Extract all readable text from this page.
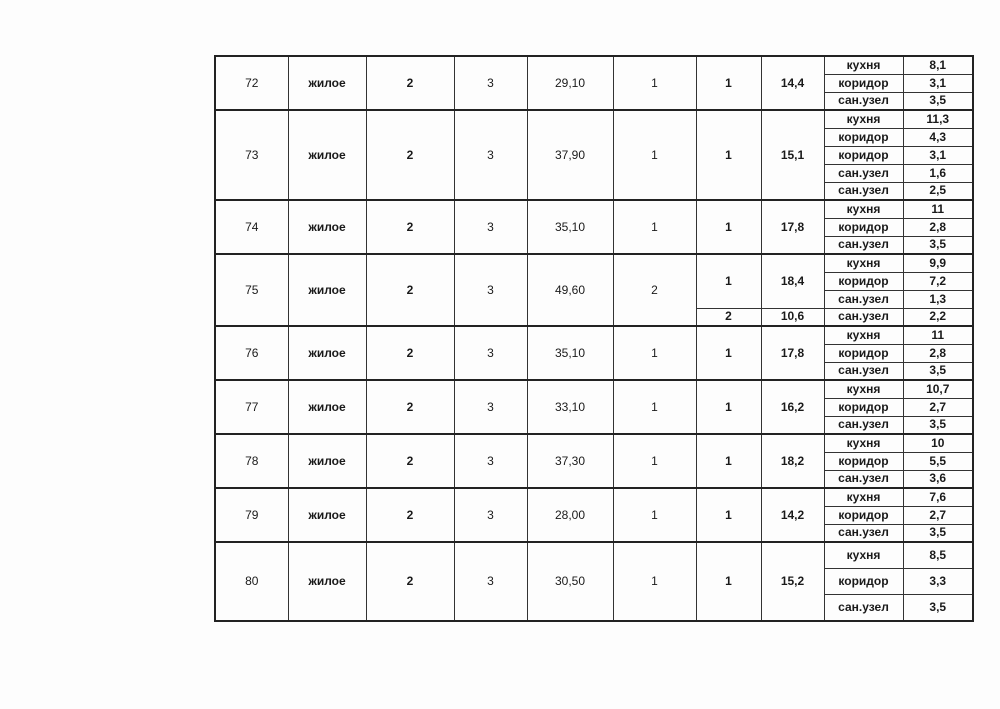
72	жилое	2	3	29,10	1	1	14,4	кухня	8,1
								коридор	3,1
								сан.узел	3,5
73	жилое	2	3	37,90	1	1	15,1	кухня	11,3
								коридор	4,3
								коридор	3,1
								сан.узел	1,6
								сан.узел	2,5
74	жилое	2	3	35,10	1	1	17,8	кухня	11
								коридор	2,8
								сан.узел	3,5
75	жилое	2	3	49,60	2	1	18,4	кухня	9,9
								коридор	7,2
								сан.узел	1,3
						2	10,6	сан.узел	2,2
76	жилое	2	3	35,10	1	1	17,8	кухня	11
								коридор	2,8
								сан.узел	3,5
77	жилое	2	3	33,10	1	1	16,2	кухня	10,7
								коридор	2,7
								сан.узел	3,5
78	жилое	2	3	37,30	1	1	18,2	кухня	10
								коридор	5,5
								сан.узел	3,6
79	жилое	2	3	28,00	1	1	14,2	кухня	7,6
								коридор	2,7
								сан.узел	3,5
80	жилое	2	3	30,50	1	1	15,2	кухня	8,5
								коридор	3,3
								сан.узел	3,5
